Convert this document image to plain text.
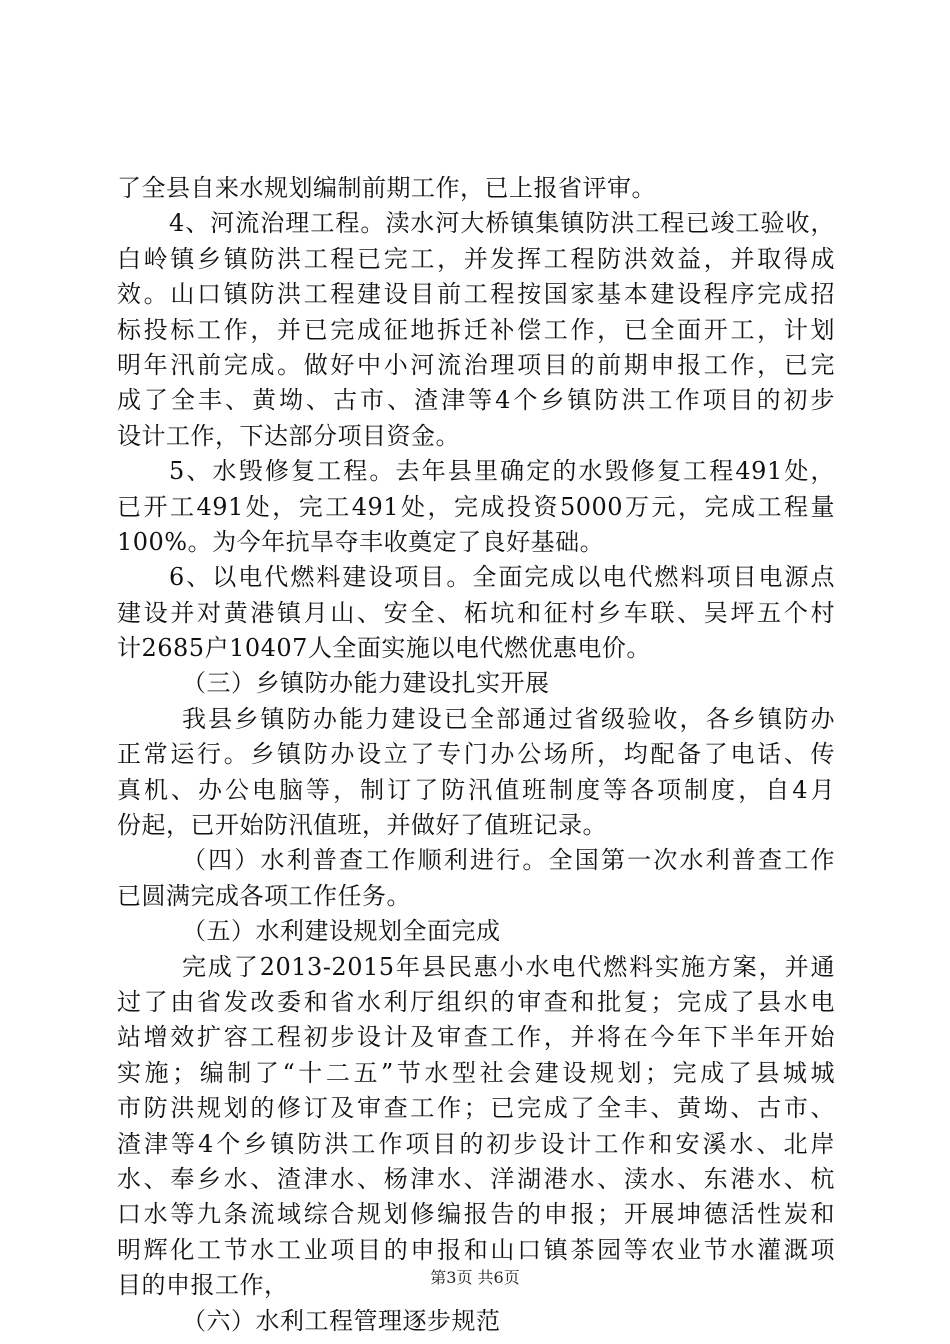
了全县自来水规划编制前期工作，已上报省评审。
4、河流治理工程。渎水河大桥镇集镇防洪工程已竣工验收，
白岭镇乡镇防洪工程已完工，并发挥工程防洪效益，并取得成
效。山口镇防洪工程建设目前工程按国家基本建设程序完成招
标投标工作，并已完成征地拆迁补偿工作，已全面开工，计划
明年汛前完成。做好中小河流治理项目的前期申报工作，已完
成了全丰、黄坳、古市、渣津等4个乡镇防洪工作项目的初步
设计工作，下达部分项目资金。
5、水毁修复工程。去年县里确定的水毁修复工程491处，
已开工491处，完工491处，完成投资5000万元，完成工程量
100%。为今年抗旱夺丰收奠定了良好基础。
6、以电代燃料建设项目。全面完成以电代燃料项目电源点
建设并对黄港镇月山、安全、柘坑和征村乡车联、吴坪五个村
计2685户10407人全面实施以电代燃优惠电价。
（三）乡镇防办能力建设扎实开展
我县乡镇防办能力建设已全部通过省级验收，各乡镇防办
正常运行。乡镇防办设立了专门办公场所，均配备了电话、传
真机、办公电脑等，制订了防汛值班制度等各项制度，自4月
份起，已开始防汛值班，并做好了值班记录。
（四）水利普查工作顺利进行。全国第一次水利普查工作
已圆满完成各项工作任务。
（五）水利建设规划全面完成
完成了2013-2015年县民惠小水电代燃料实施方案，并通
过了由省发改委和省水利厅组织的审查和批复；完成了县水电
站增效扩容工程初步设计及审查工作，并将在今年下半年开始
实施；编制了“十二五”节水型社会建设规划；完成了县城城
市防洪规划的修订及审查工作；已完成了全丰、黄坳、古市、
渣津等4个乡镇防洪工作项目的初步设计工作和安溪水、北岸
水、奉乡水、渣津水、杨津水、洋湖港水、渎水、东港水、杭
口水等九条流域综合规划修编报告的申报；开展坤德活性炭和
明辉化工节水工业项目的申报和山口镇茶园等农业节水灌溉项
目的申报工作，
（六）水利工程管理逐步规范
第3页 共6页
